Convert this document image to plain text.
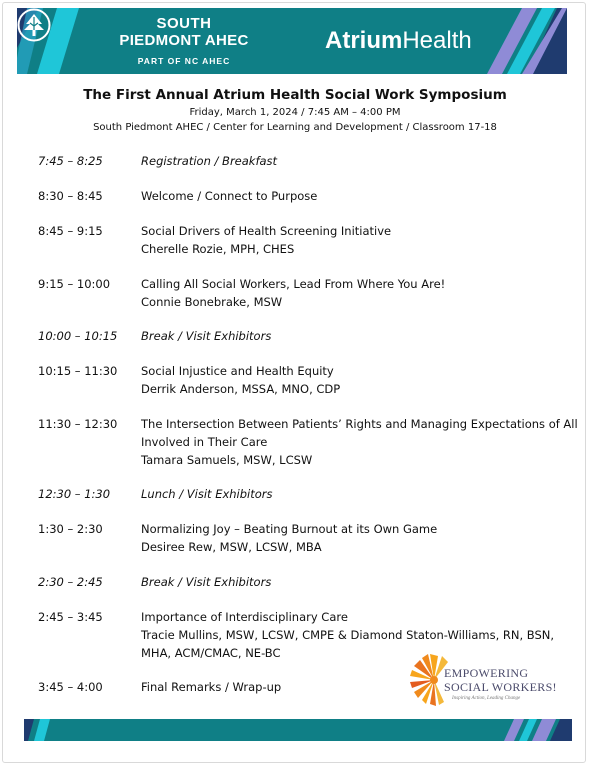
SOUTH
PIEDMONT AHEC
PART OF NC AHEC
AtriumHealth
The First Annual Atrium Health Social Work Symposium
Friday, March 1, 2024 / 7:45 AM – 4:00 PM
South Piedmont AHEC / Center for Learning and Development / Classroom 17-18
7:45 – 8:25	Registration / Breakfast
8:30 – 8:45	Welcome / Connect to Purpose
8:45 – 9:15	Social Drivers of Health Screening Initiative
Cherelle Rozie, MPH, CHES
9:15 – 10:00	Calling All Social Workers, Lead From Where You Are!
Connie Bonebrake, MSW
10:00 – 10:15	Break / Visit Exhibitors
10:15 – 11:30	Social Injustice and Health Equity
Derrik Anderson, MSSA, MNO, CDP
11:30 – 12:30	The Intersection Between Patients’ Rights and Managing Expectations of All
Involved in Their Care
Tamara Samuels, MSW, LCSW
12:30 – 1:30	Lunch / Visit Exhibitors
1:30 – 2:30	Normalizing Joy – Beating Burnout at its Own Game
Desiree Rew, MSW, LCSW, MBA
2:30 – 2:45	Break / Visit Exhibitors
2:45 – 3:45	Importance of Interdisciplinary Care
Tracie Mullins, MSW, LCSW, CMPE & Diamond Staton-Williams, RN, BSN,
MHA, ACM/CMAC, NE-BC
3:45 – 4:00	Final Remarks / Wrap-up
EMPOWERING
SOCIAL WORKERS!
Inspiring Action, Leading Change
